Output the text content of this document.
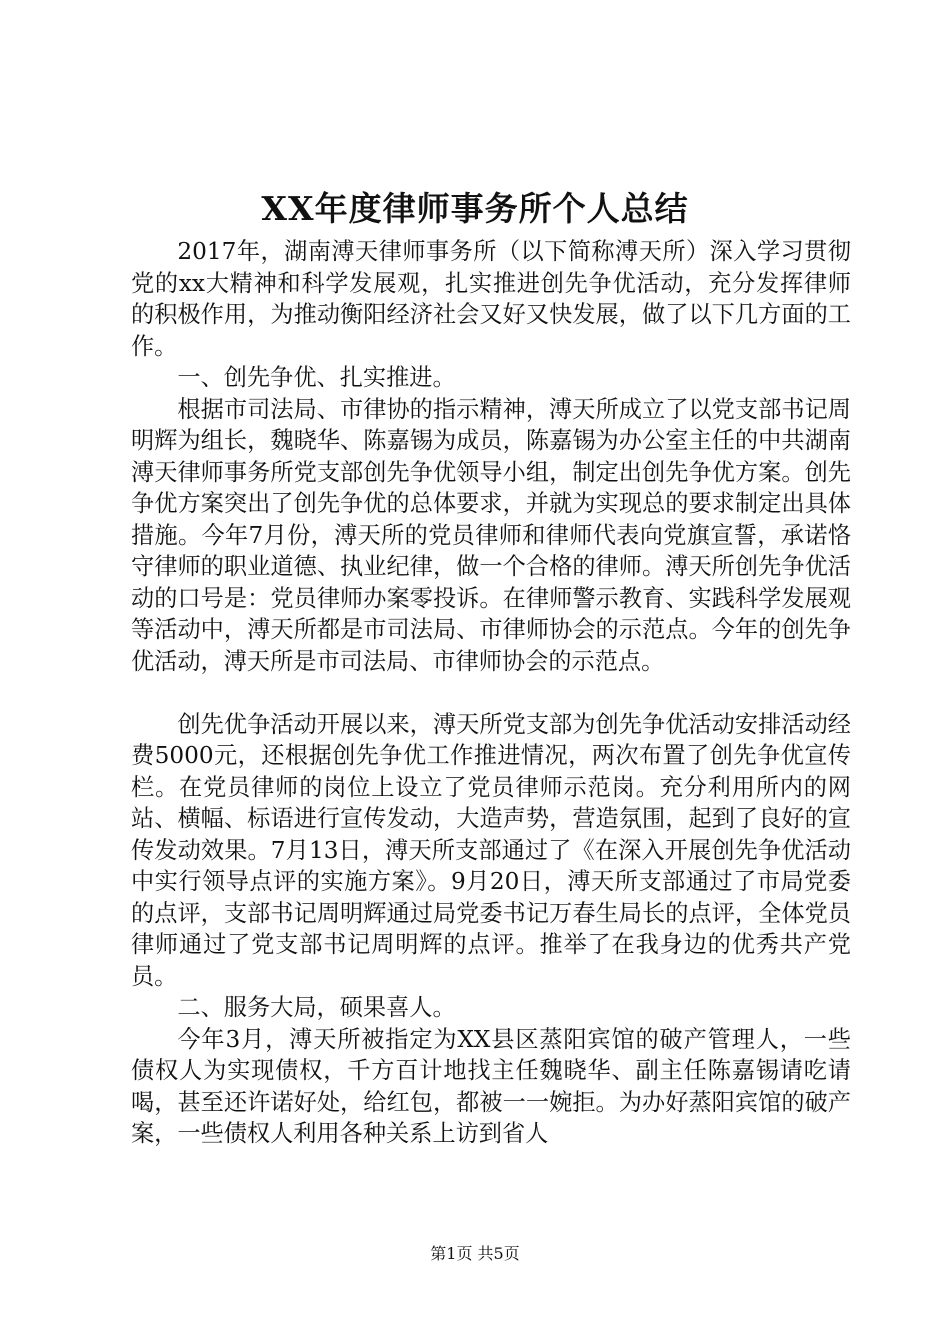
XX年度律师事务所个人总结

2017年，湖南溥天律师事务所（以下简称溥天所）深入学习贯彻党的xx大精神和科学发展观，扎实推进创先争优活动，充分发挥律师的积极作用，为推动衡阳经济社会又好又快发展，做了以下几方面的工作。

一、创先争优、扎实推进。

根据市司法局、市律协的指示精神，溥天所成立了以党支部书记周明辉为组长，魏晓华、陈嘉锡为成员，陈嘉锡为办公室主任的中共湖南溥天律师事务所党支部创先争优领导小组，制定出创先争优方案。创先争优方案突出了创先争优的总体要求，并就为实现总的要求制定出具体措施。今年7月份，溥天所的党员律师和律师代表向党旗宣誓，承诺恪守律师的职业道德、执业纪律，做一个合格的律师。溥天所创先争优活动的口号是：党员律师办案零投诉。在律师警示教育、实践科学发展观等活动中，溥天所都是市司法局、市律师协会的示范点。今年的创先争优活动，溥天所是市司法局、市律师协会的示范点。

创先优争活动开展以来，溥天所党支部为创先争优活动安排活动经费5000元，还根据创先争优工作推进情况，两次布置了创先争优宣传栏。在党员律师的岗位上设立了党员律师示范岗。充分利用所内的网站、横幅、标语进行宣传发动，大造声势，营造氛围，起到了良好的宣传发动效果。7月13日，溥天所支部通过了《在深入开展创先争优活动中实行领导点评的实施方案》。9月20日，溥天所支部通过了市局党委的点评，支部书记周明辉通过局党委书记万春生局长的点评，全体党员律师通过了党支部书记周明辉的点评。推举了在我身边的优秀共产党员。

二、服务大局，硕果喜人。

今年3月，溥天所被指定为XX县区蒸阳宾馆的破产管理人，一些债权人为实现债权，千方百计地找主任魏晓华、副主任陈嘉锡请吃请喝，甚至还许诺好处，给红包，都被一一婉拒。为办好蒸阳宾馆的破产案，一些债权人利用各种关系上访到省人

第1页 共5页
